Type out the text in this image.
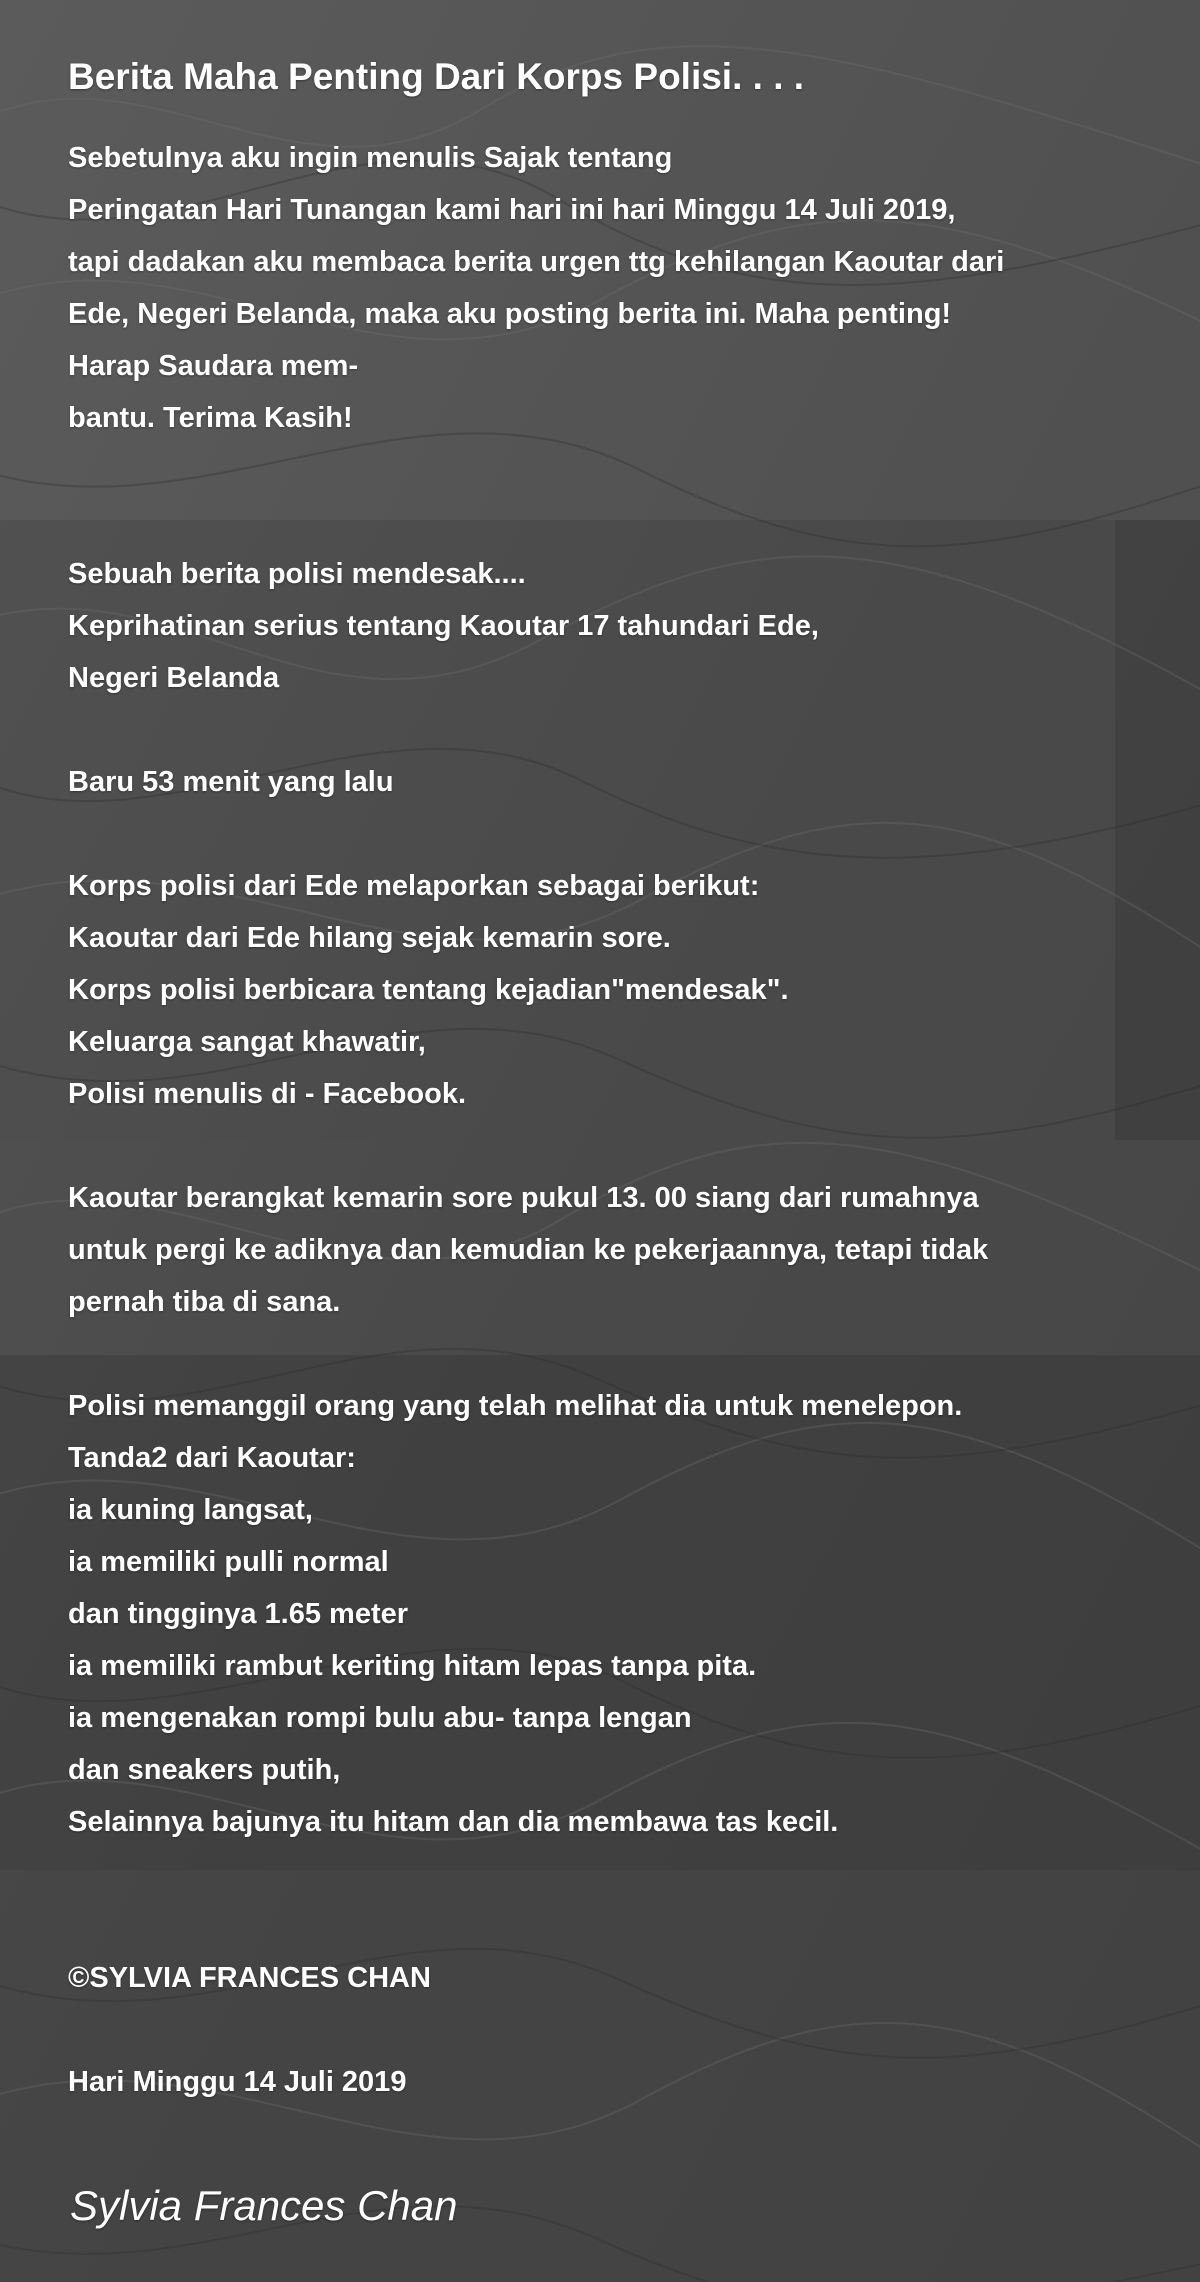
Berita Maha Penting Dari Korps Polisi. . . .
Sebetulnya aku ingin menulis Sajak tentang
Peringatan Hari Tunangan kami hari ini hari Minggu 14 Juli 2019,
tapi dadakan aku membaca berita urgen ttg kehilangan Kaoutar dari
Ede, Negeri Belanda, maka aku posting berita ini. Maha penting!
Harap Saudara mem-
bantu. Terima Kasih!
Sebuah berita polisi mendesak....
Keprihatinan serius tentang Kaoutar 17 tahundari Ede,
Negeri Belanda
Baru 53 menit yang lalu
Korps polisi dari Ede melaporkan sebagai berikut:
Kaoutar dari Ede hilang sejak kemarin sore.
Korps polisi berbicara tentang kejadian"mendesak".
Keluarga sangat khawatir,
Polisi menulis di - Facebook.
Kaoutar berangkat kemarin sore pukul 13. 00 siang dari rumahnya
untuk pergi ke adiknya dan kemudian ke pekerjaannya, tetapi tidak
pernah tiba di sana.
Polisi memanggil orang yang telah melihat dia untuk menelepon.
Tanda2 dari Kaoutar:
ia kuning langsat,
ia memiliki pulli normal
dan tingginya 1.65 meter
ia memiliki rambut keriting hitam lepas tanpa pita.
ia mengenakan rompi bulu abu- tanpa lengan
dan sneakers putih,
Selainnya bajunya itu hitam dan dia membawa tas kecil.
©SYLVIA FRANCES CHAN
Hari Minggu 14 Juli 2019
Sylvia Frances Chan
